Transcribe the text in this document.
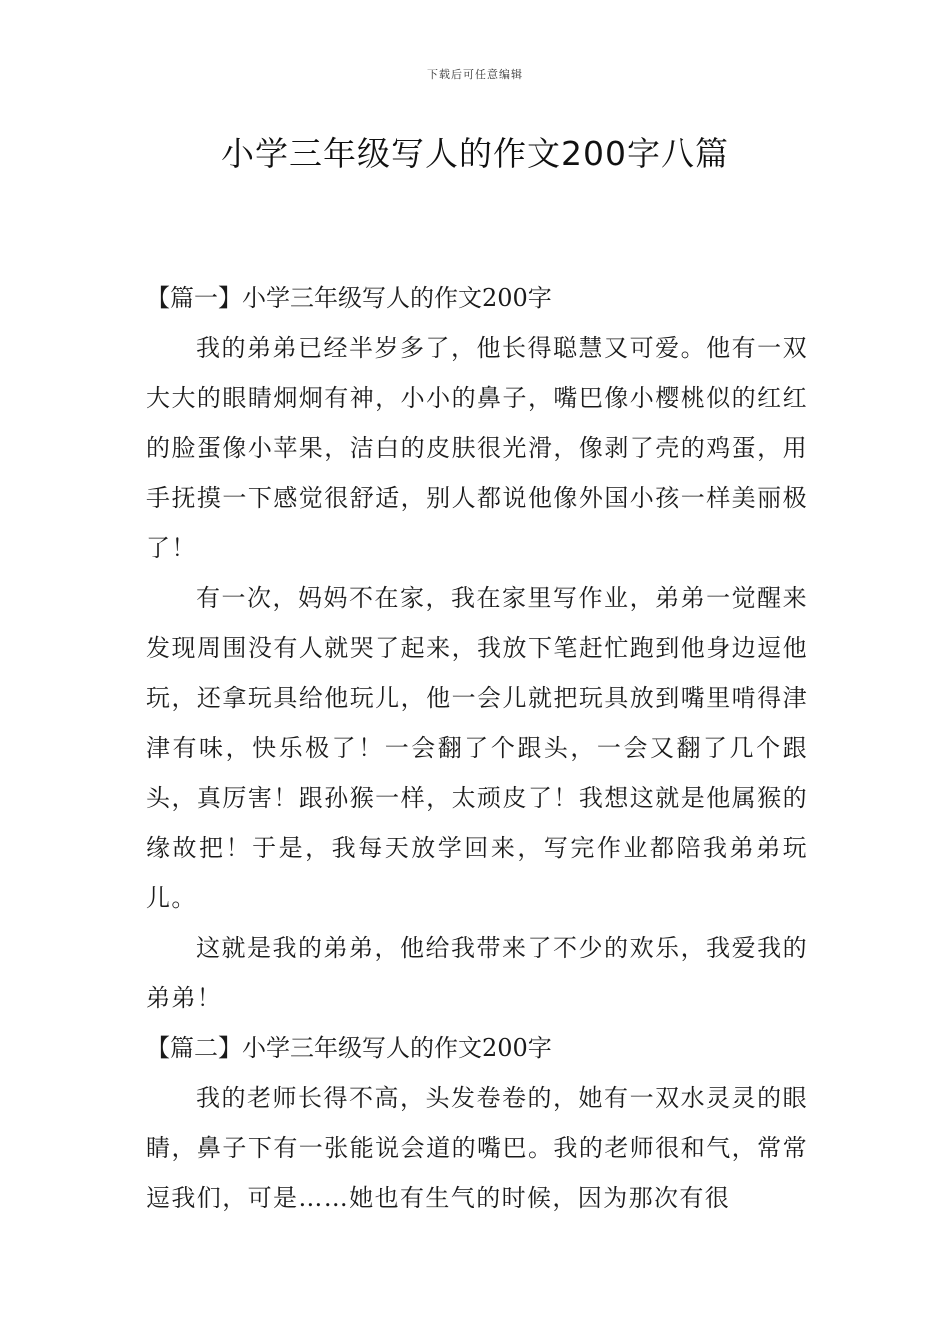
下载后可任意编辑
小学三年级写人的作文200字八篇
【篇一】小学三年级写人的作文200字

我的弟弟已经半岁多了，他长得聪慧又可爱。他有一双大大的眼睛炯炯有神，小小的鼻子，嘴巴像小樱桃似的红红的脸蛋像小苹果，洁白的皮肤很光滑，像剥了壳的鸡蛋，用手抚摸一下感觉很舒适，别人都说他像外国小孩一样美丽极了！

有一次，妈妈不在家，我在家里写作业，弟弟一觉醒来发现周围没有人就哭了起来，我放下笔赶忙跑到他身边逗他玩，还拿玩具给他玩儿，他一会儿就把玩具放到嘴里啃得津津有味，快乐极了！一会翻了个跟头，一会又翻了几个跟头，真厉害！跟孙猴一样，太顽皮了！我想这就是他属猴的缘故把！于是，我每天放学回来，写完作业都陪我弟弟玩儿。

这就是我的弟弟，他给我带来了不少的欢乐，我爱我的弟弟！

【篇二】小学三年级写人的作文200字

我的老师长得不高，头发卷卷的，她有一双水灵灵的眼睛，鼻子下有一张能说会道的嘴巴。我的老师很和气，常常逗我们，可是……她也有生气的时候，因为那次有很
